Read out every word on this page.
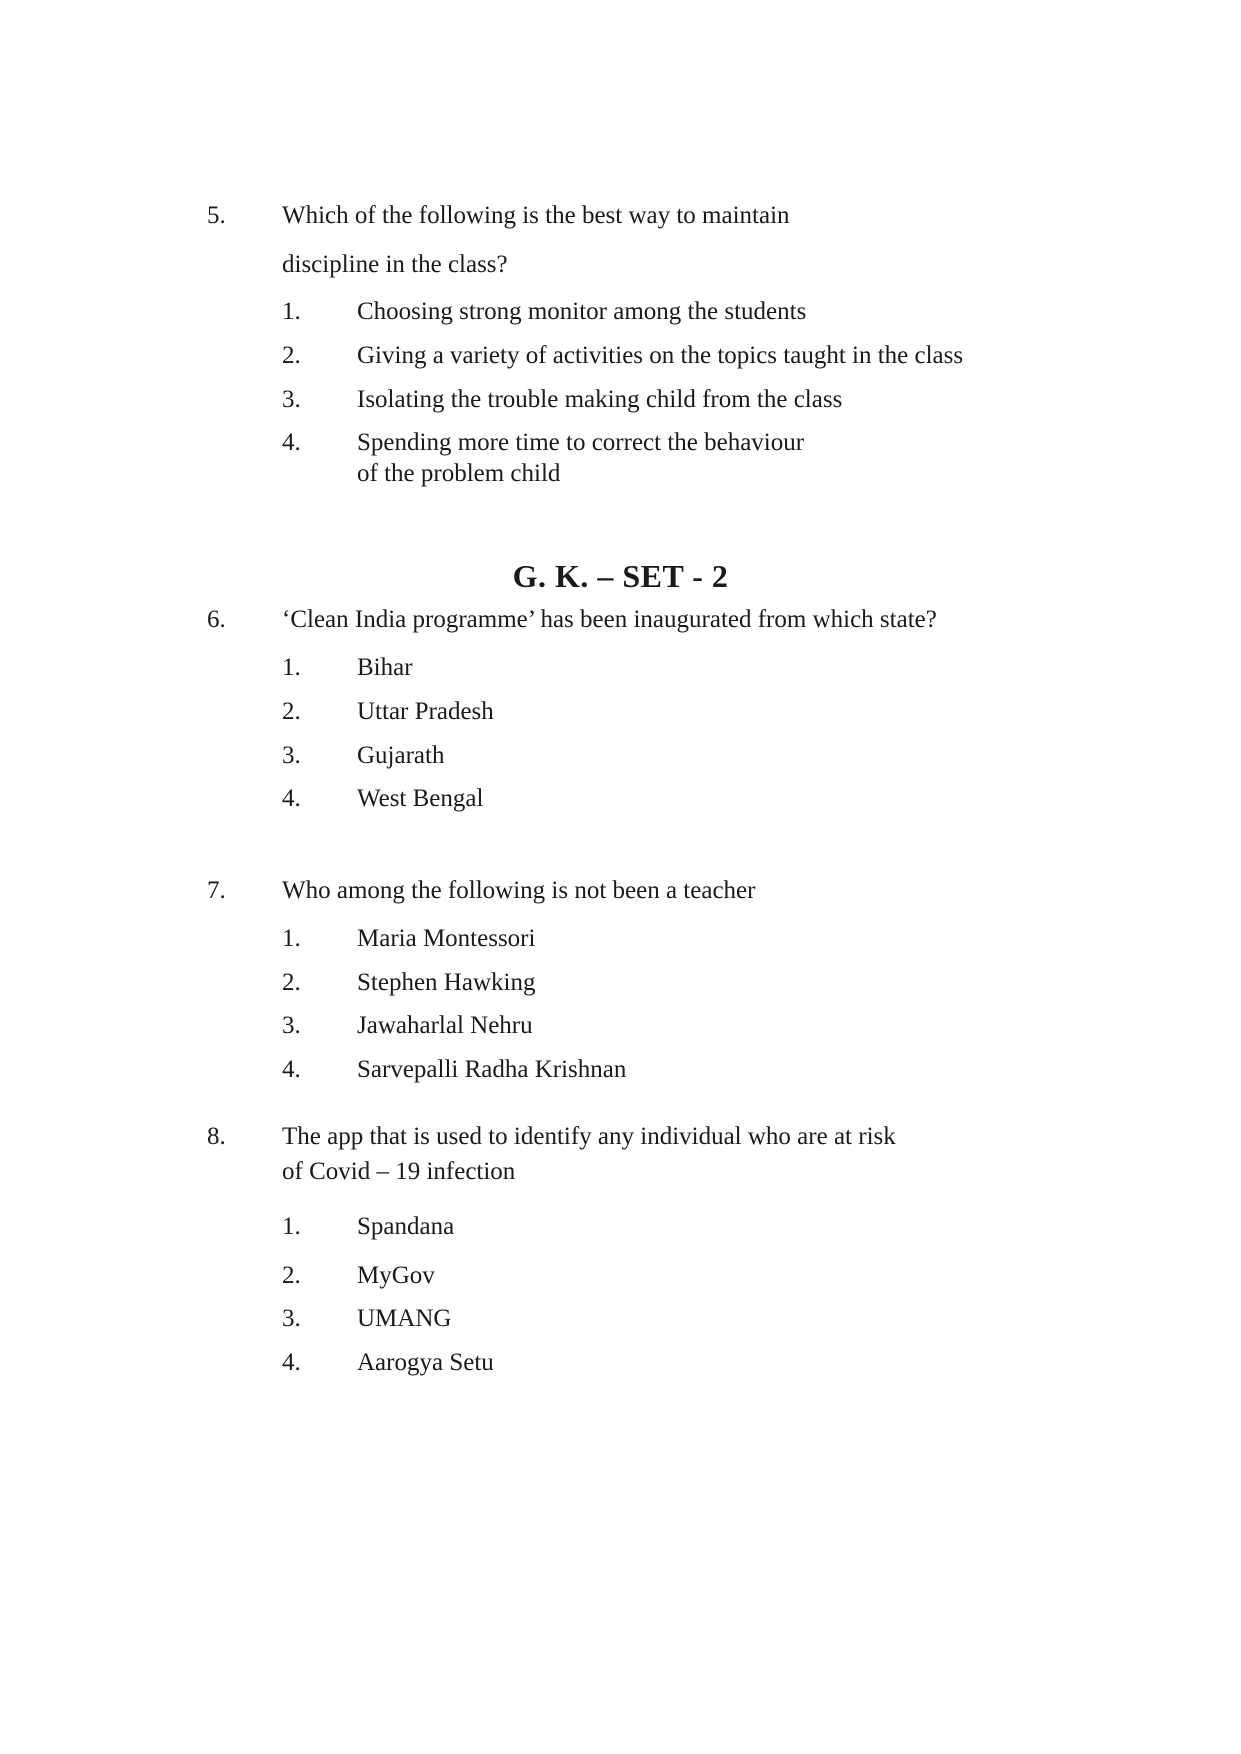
5. Which of the following is the best way to maintain
discipline in the class?
1. Choosing strong monitor among the students
2. Giving a variety of activities on the topics taught in the class
3. Isolating the trouble making child from the class
4. Spending more time to correct the behaviour
of the problem child
G. K. – SET - 2
6. ‘Clean India programme’ has been inaugurated from which state?
1. Bihar
2. Uttar Pradesh
3. Gujarath
4. West Bengal
7. Who among the following is not been a teacher
1. Maria Montessori
2. Stephen Hawking
3. Jawaharlal Nehru
4. Sarvepalli Radha Krishnan
8. The app that is used to identify any individual who are at risk
of Covid – 19 infection
1. Spandana
2. MyGov
3. UMANG
4. Aarogya Setu
